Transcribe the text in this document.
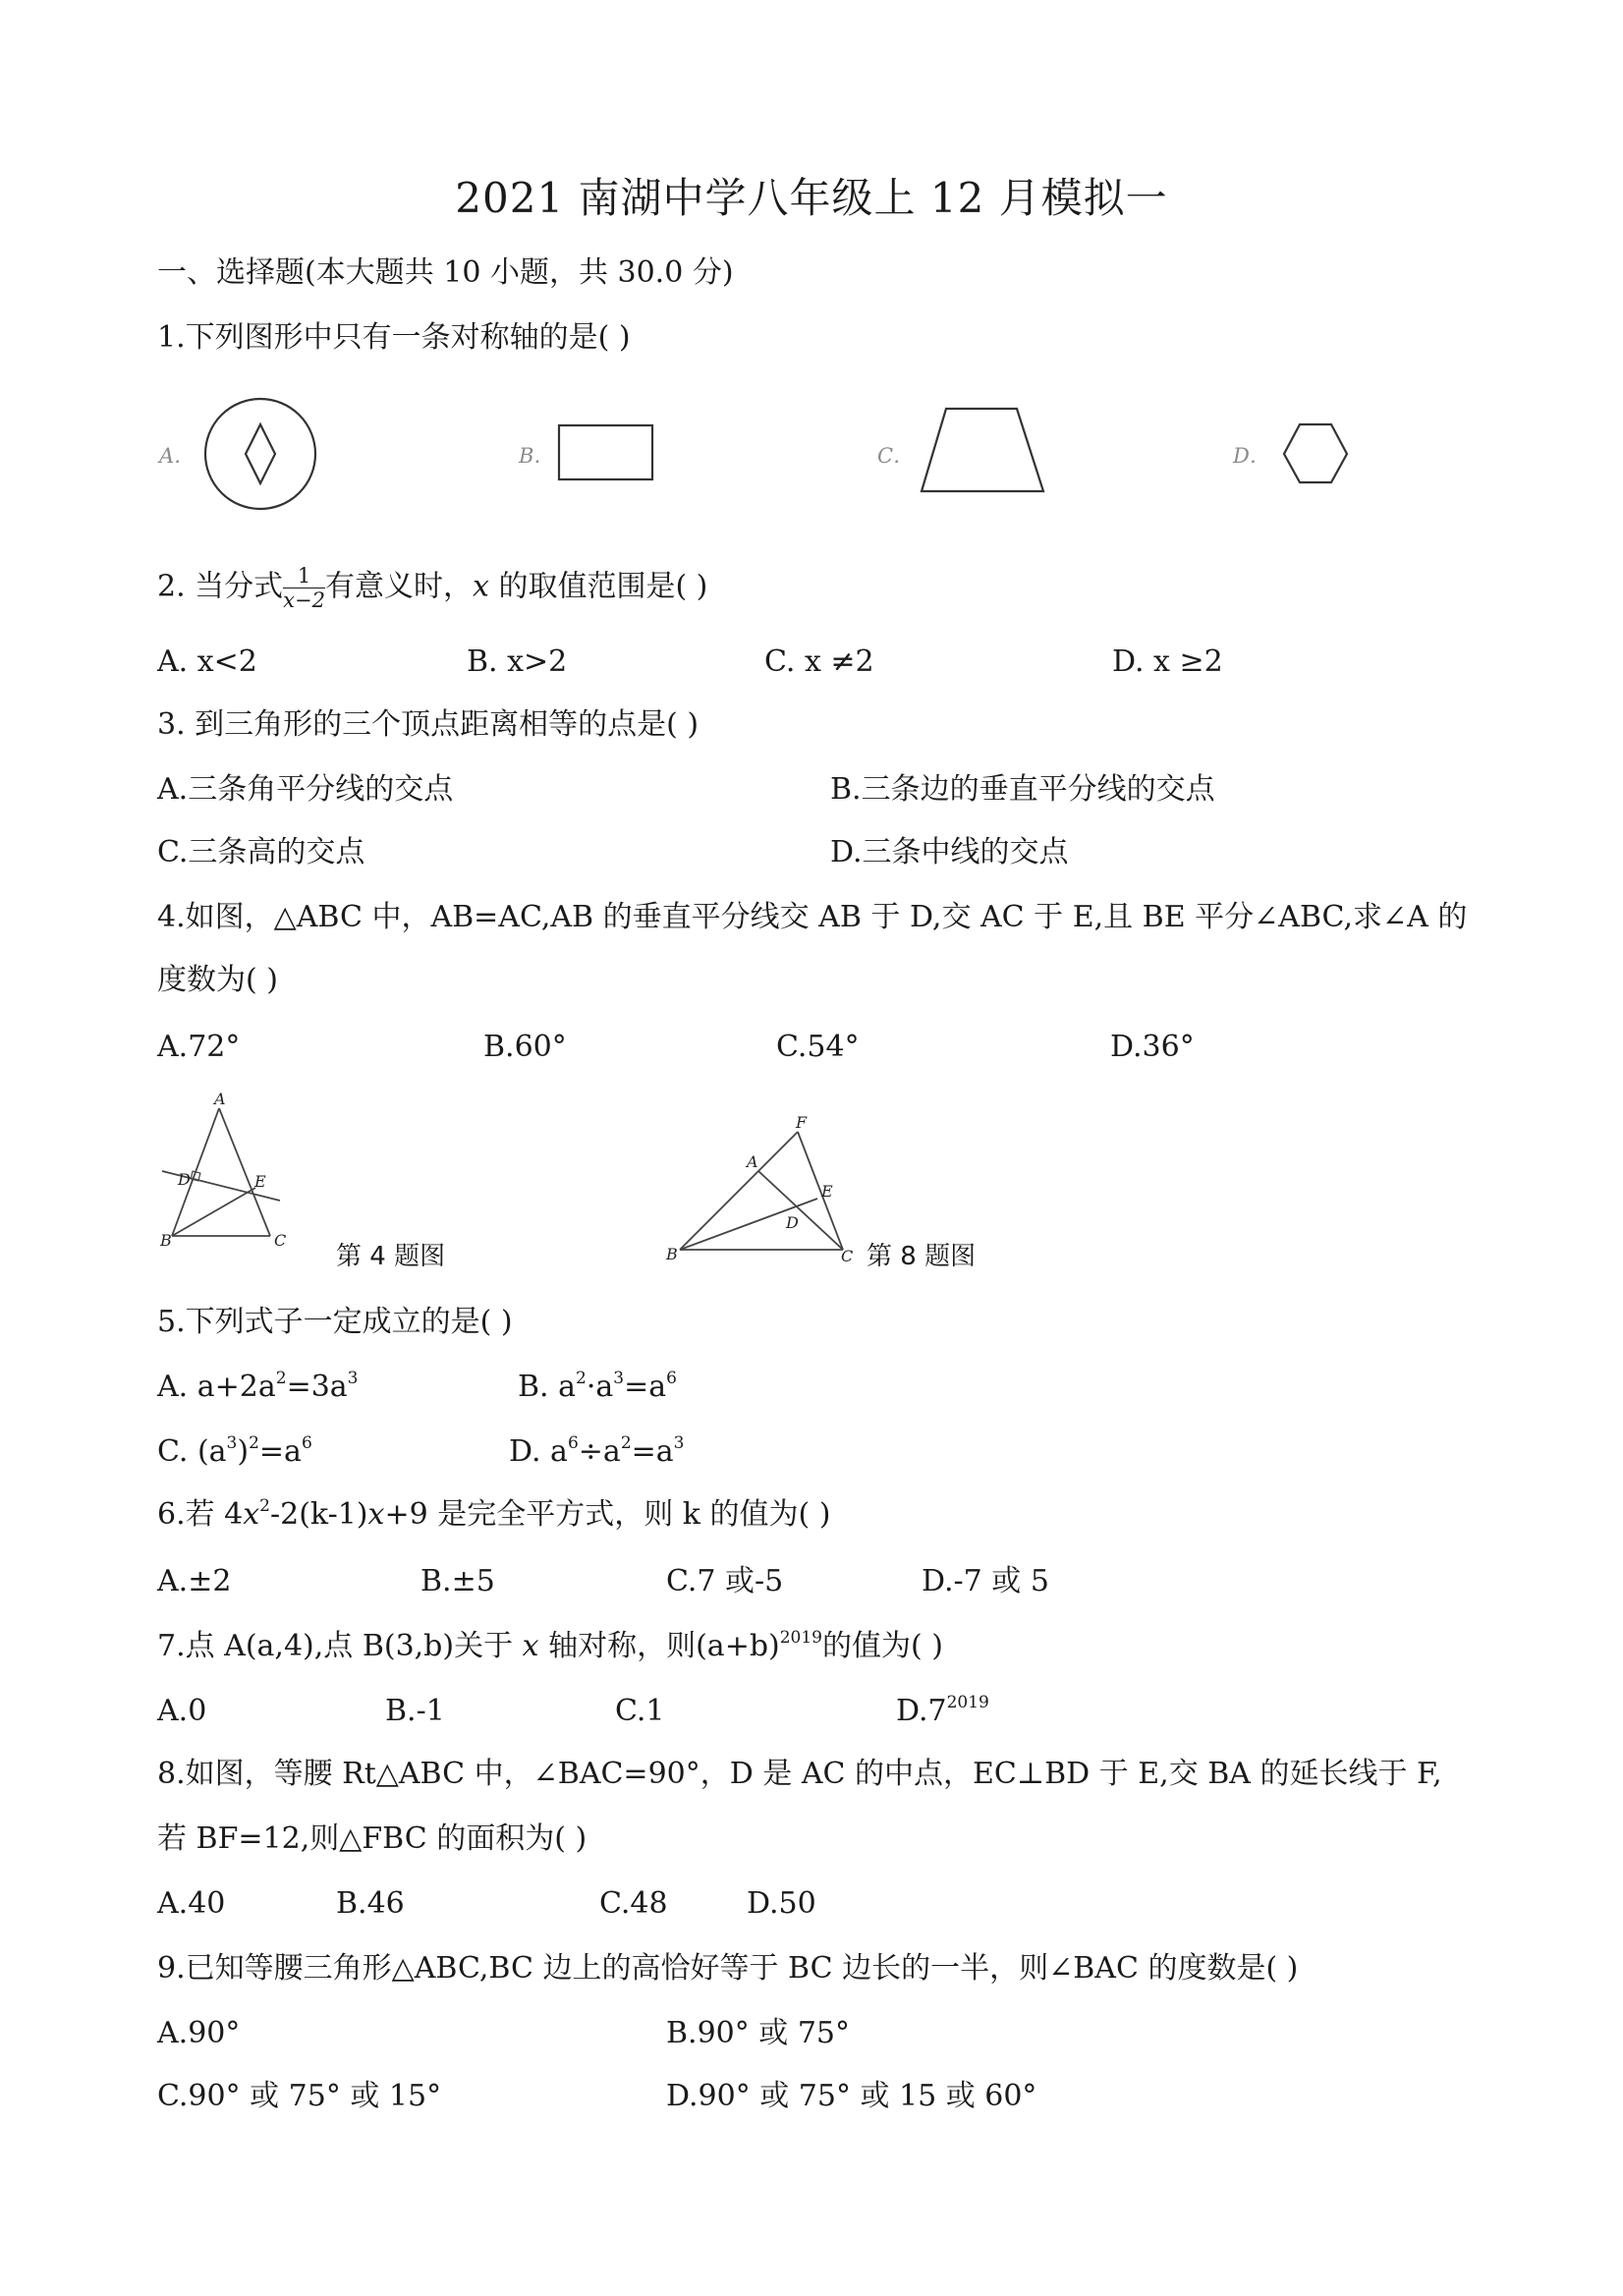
2021 南湖中学八年级上 12 月模拟一
一、选择题(本大题共 10 小题，共 30.0 分)
1.下列图形中只有一条对称轴的是( )
A．	B．	C．	D．
2. 当分式 $\frac{1}{x-2}$ 有意义时，x 的取值范围是( )
A. x<2	B. x>2	C. x ≠2	D. x ≥2
3. 到三角形的三个顶点距离相等的点是( )
A.三条角平分线的交点	B.三条边的垂直平分线的交点
C.三条高的交点	D.三条中线的交点
4.如图，△ABC 中，AB=AC,AB 的垂直平分线交 AB 于 D,交 AC 于 E,且 BE 平分∠ABC,求∠A 的
度数为( )
A.72°	B.60°	C.54°	D.36°
A
D	E
B	C
第 4 题图
F
A
E
D
B	C 第 8 题图
5.下列式子一定成立的是( )
A. $a+2a^2=3a^3$	B. $a^2\cdot a^3=a^6$
C. $(a^3)^2=a^6$	D. $a^6\div a^2=a^3$
6.若 $4x^2-2(k-1)x+9$ 是完全平方式，则 k 的值为( )
A.±2	B.±5	C.7 或-5	D.-7 或 5
7.点 A(a,4),点 B(3,b)关于 x 轴对称，则$(a+b)^{2019}$的值为( )
A.0	B.-1	C.1	$D.7^{2019}$
8.如图，等腰 Rt△ABC 中，∠BAC=90°，D 是 AC 的中点，EC⊥BD 于 E,交 BA 的延长线于 F,
若 BF=12,则△FBC 的面积为( )
A.40	B.46	C.48	D.50
9.已知等腰三角形△ABC,BC 边上的高恰好等于 BC 边长的一半，则∠BAC 的度数是( )
A.90°	B.90° 或 75°
C.90° 或 75° 或 15°	D.90° 或 75° 或 15 或 60°
